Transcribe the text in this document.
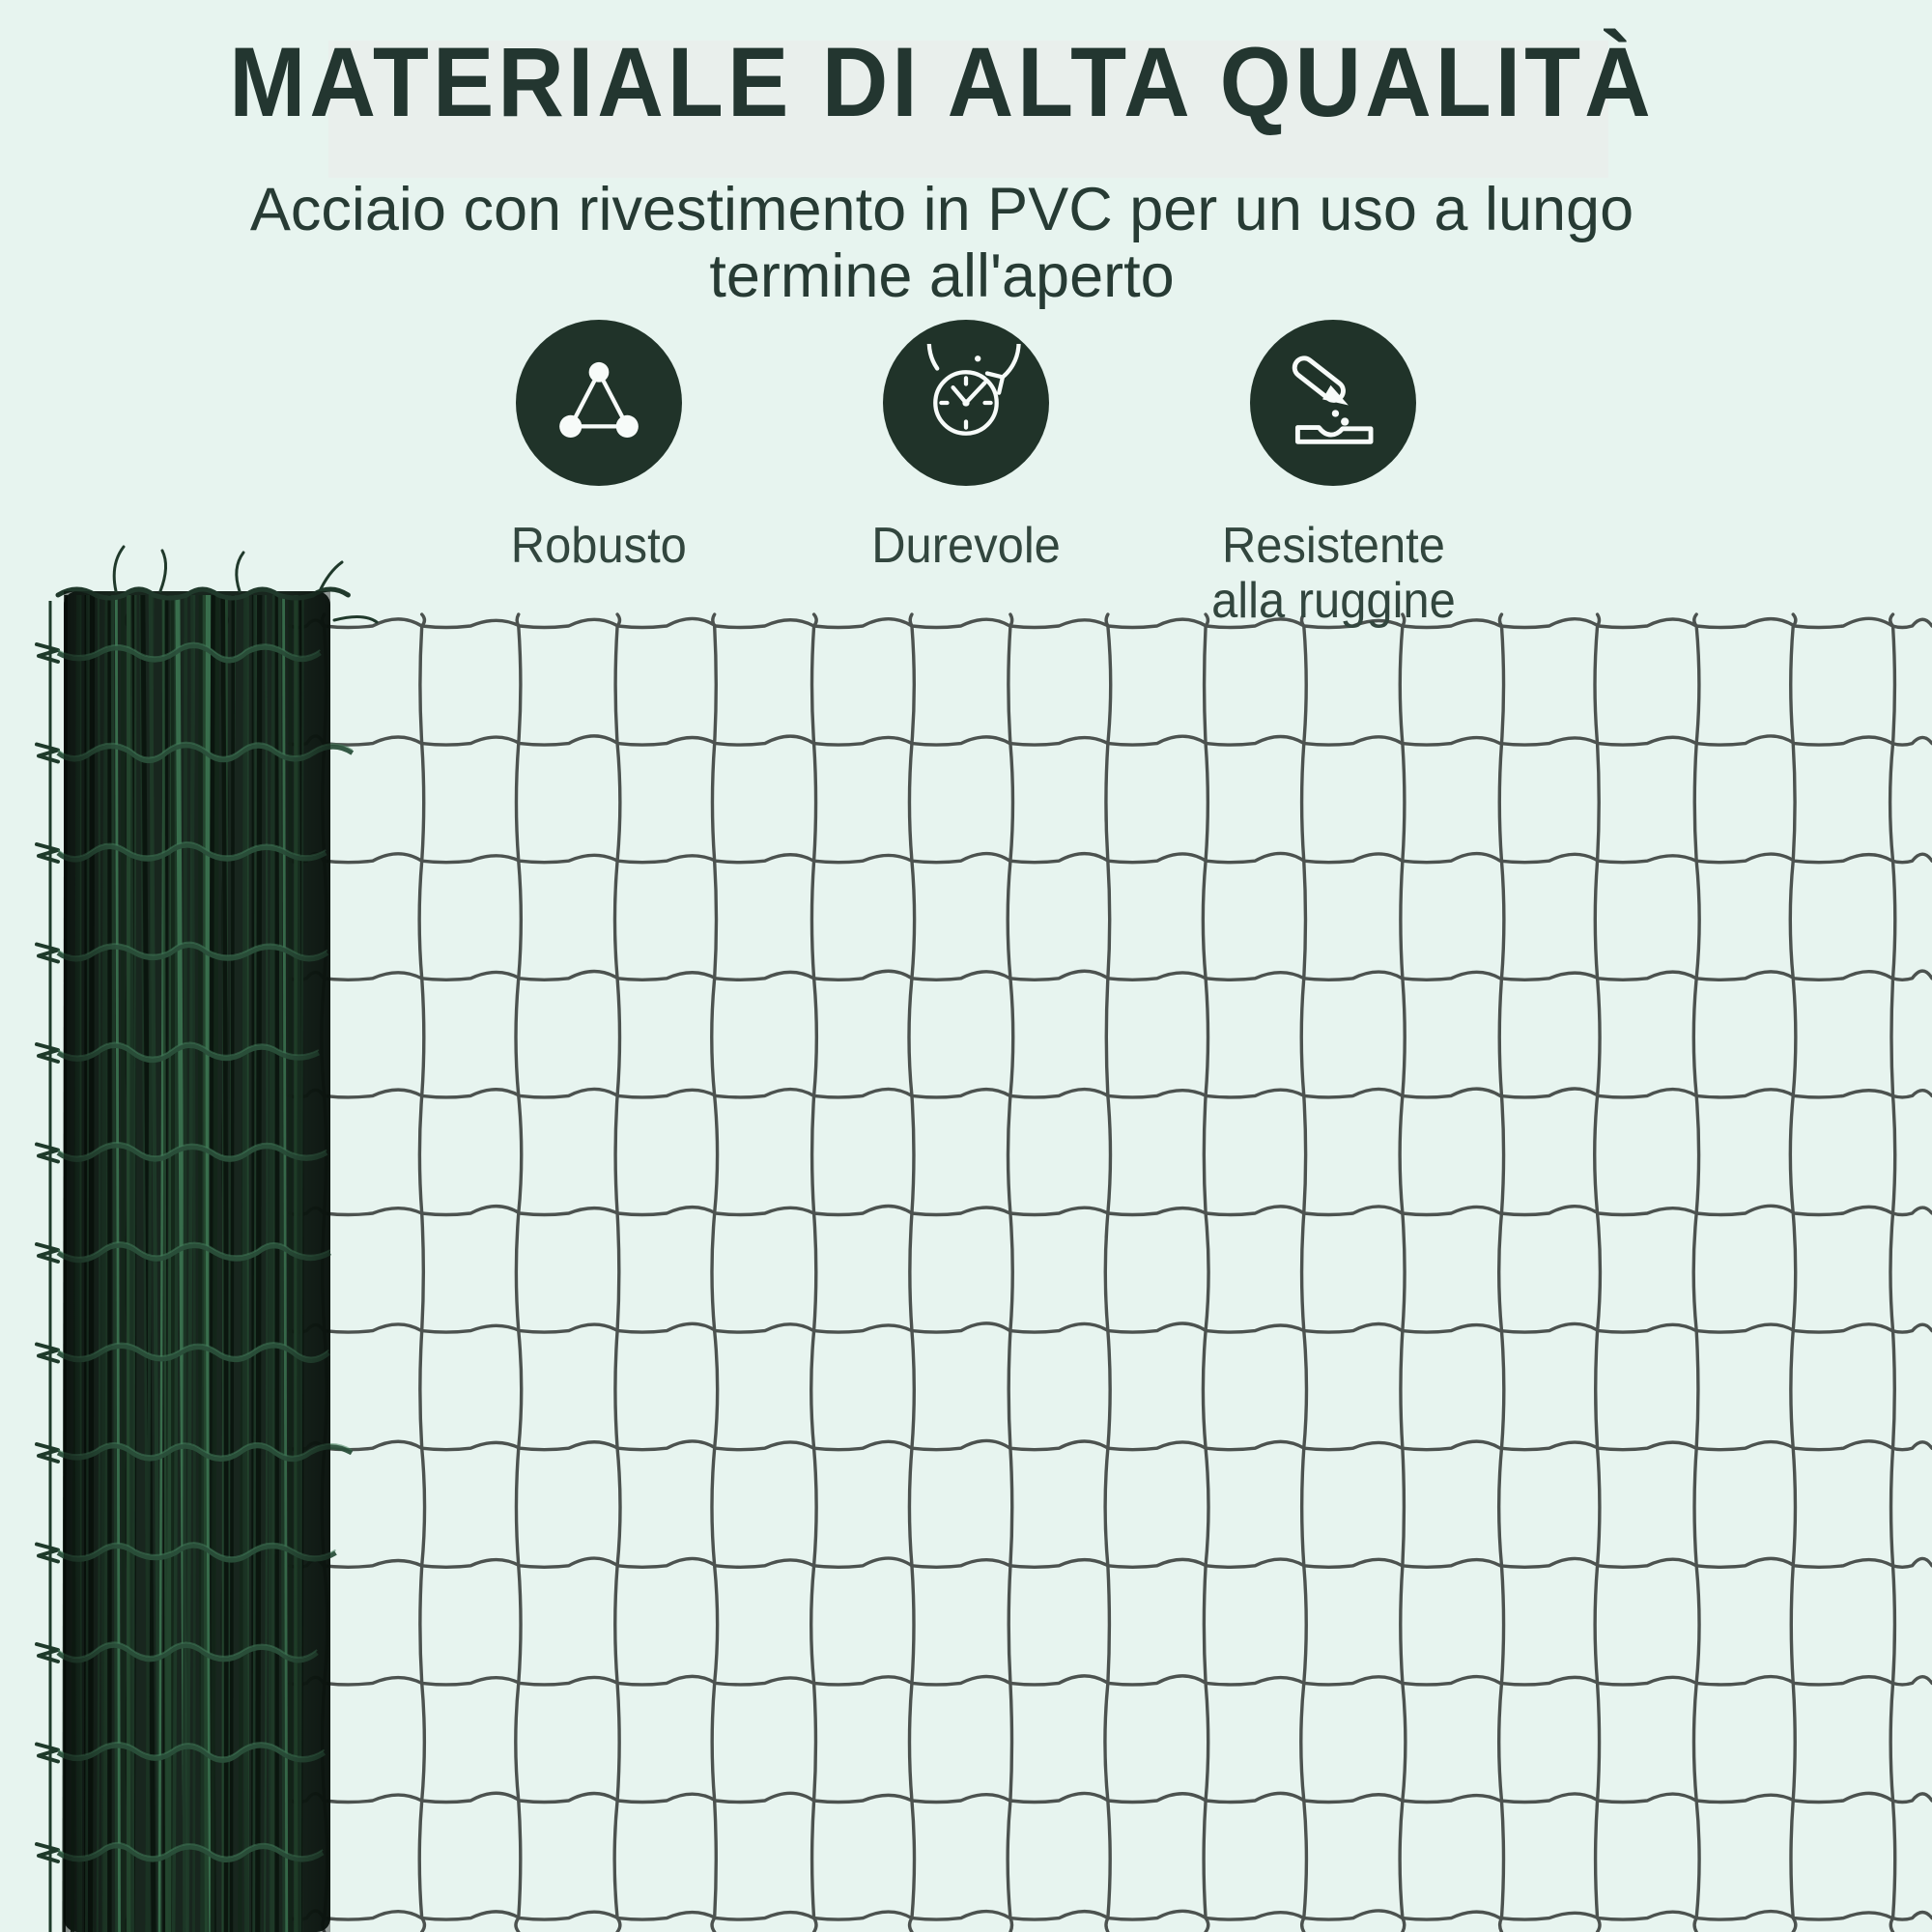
MATERIALE DI ALTA QUALITÀ
Acciaio con rivestimento in PVC per un uso a lungo
termine all'aperto
Robusto	Durevole	Resistente
alla ruggine
